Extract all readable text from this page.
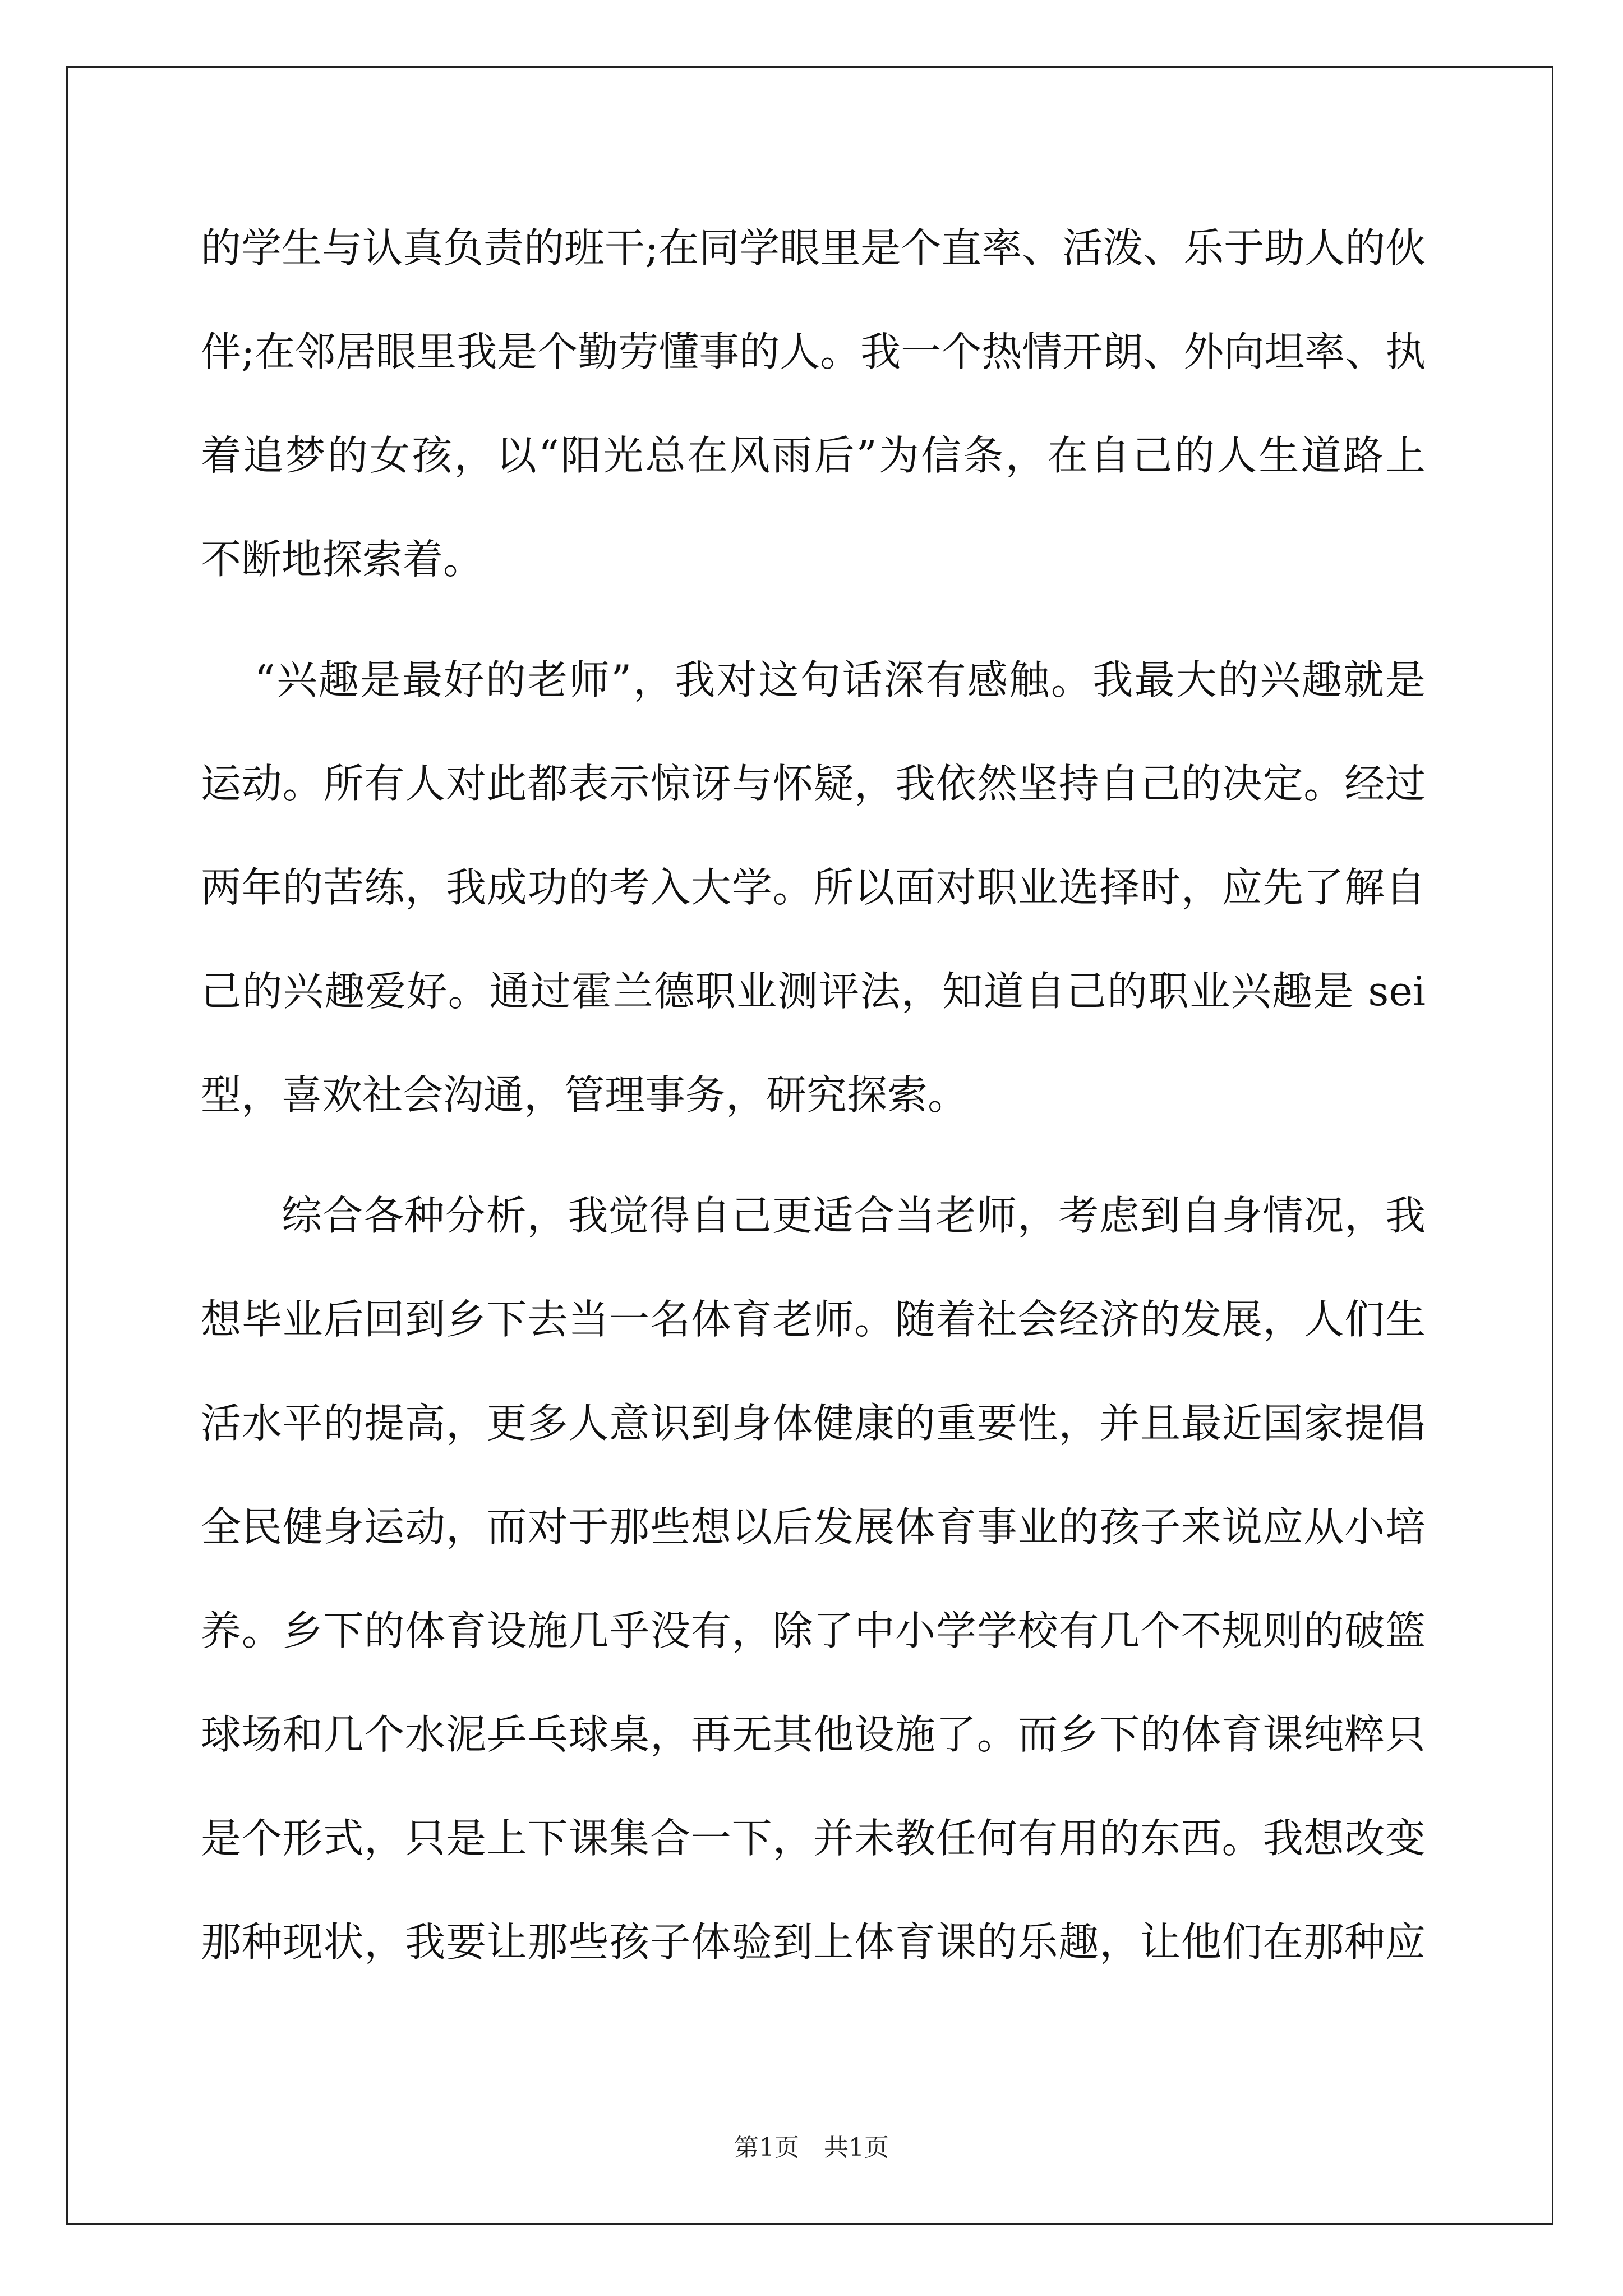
的学生与认真负责的班干;在同学眼里是个直率、活泼、乐于助人的伙
伴;在邻居眼里我是个勤劳懂事的人。我一个热情开朗、外向坦率、执
着追梦的女孩，以“阳光总在风雨后”为信条，在自己的人生道路上
不断地探索着。
“兴趣是最好的老师”，我对这句话深有感触。我最大的兴趣就是
运动。所有人对此都表示惊讶与怀疑，我依然坚持自己的决定。经过
两年的苦练，我成功的考入大学。所以面对职业选择时，应先了解自
己的兴趣爱好。通过霍兰德职业测评法，知道自己的职业兴趣是 sei
型，喜欢社会沟通，管理事务，研究探索。
综合各种分析，我觉得自己更适合当老师，考虑到自身情况，我
想毕业后回到乡下去当一名体育老师。随着社会经济的发展，人们生
活水平的提高，更多人意识到身体健康的重要性，并且最近国家提倡
全民健身运动，而对于那些想以后发展体育事业的孩子来说应从小培
养。乡下的体育设施几乎没有，除了中小学学校有几个不规则的破篮
球场和几个水泥乒乓球桌，再无其他设施了。而乡下的体育课纯粹只
是个形式，只是上下课集合一下，并未教任何有用的东西。我想改变
那种现状，我要让那些孩子体验到上体育课的乐趣，让他们在那种应
第1页　共1页
